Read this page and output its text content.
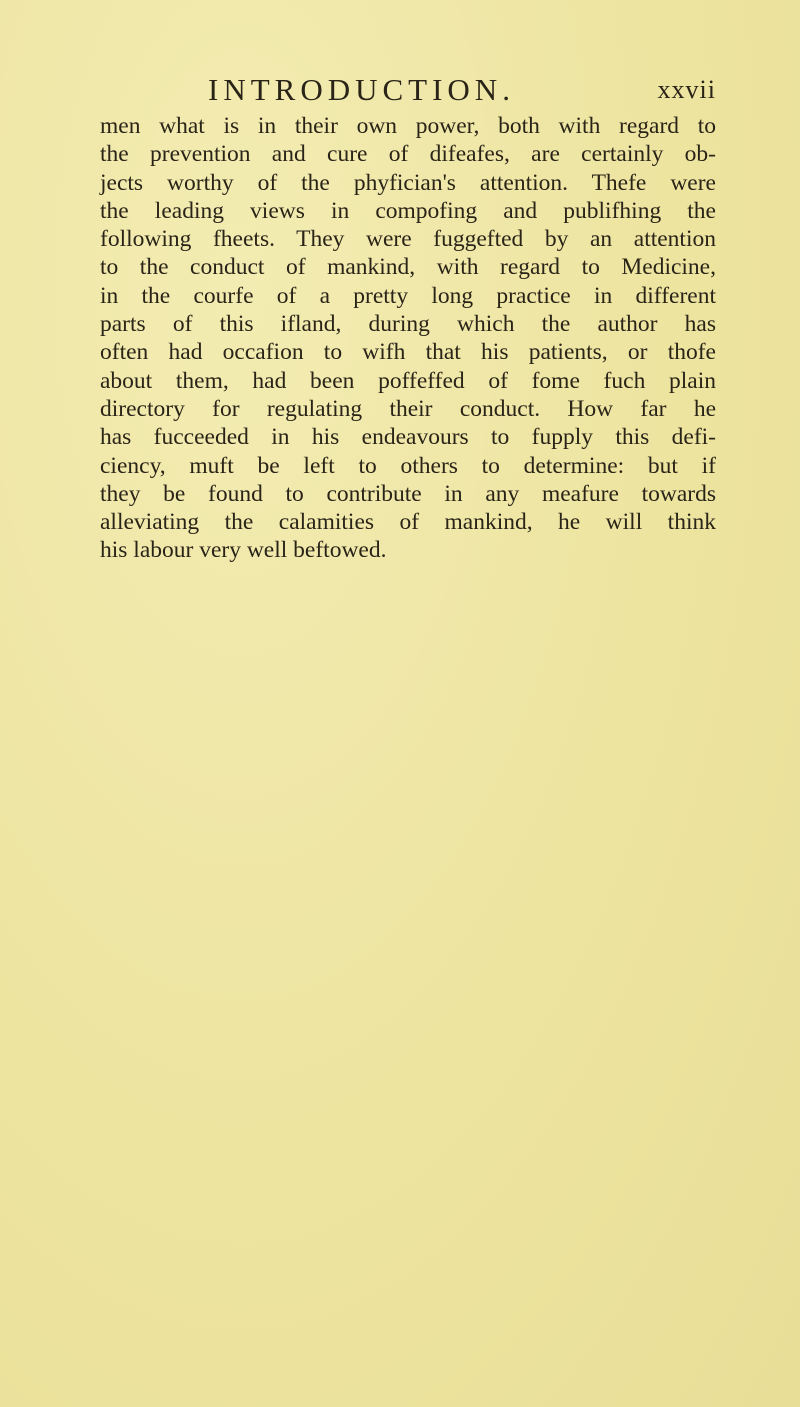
INTRODUCTION.	xxvii
men what is in their own power, both with regard to
the prevention and cure of difeafes, are certainly ob-
jects worthy of the phyfician's attention. Thefe were
the leading views in compofing and publifhing the
following fheets. They were fuggefted by an attention
to the conduct of mankind, with regard to Medicine,
in the courfe of a pretty long practice in different
parts of this ifland, during which the author has
often had occafion to wifh that his patients, or thofe
about them, had been poffeffed of fome fuch plain
directory for regulating their conduct. How far he
has fucceeded in his endeavours to fupply this defi-
ciency, muft be left to others to determine: but if
they be found to contribute in any meafure towards
alleviating the calamities of mankind, he will think
his labour very well beftowed.
